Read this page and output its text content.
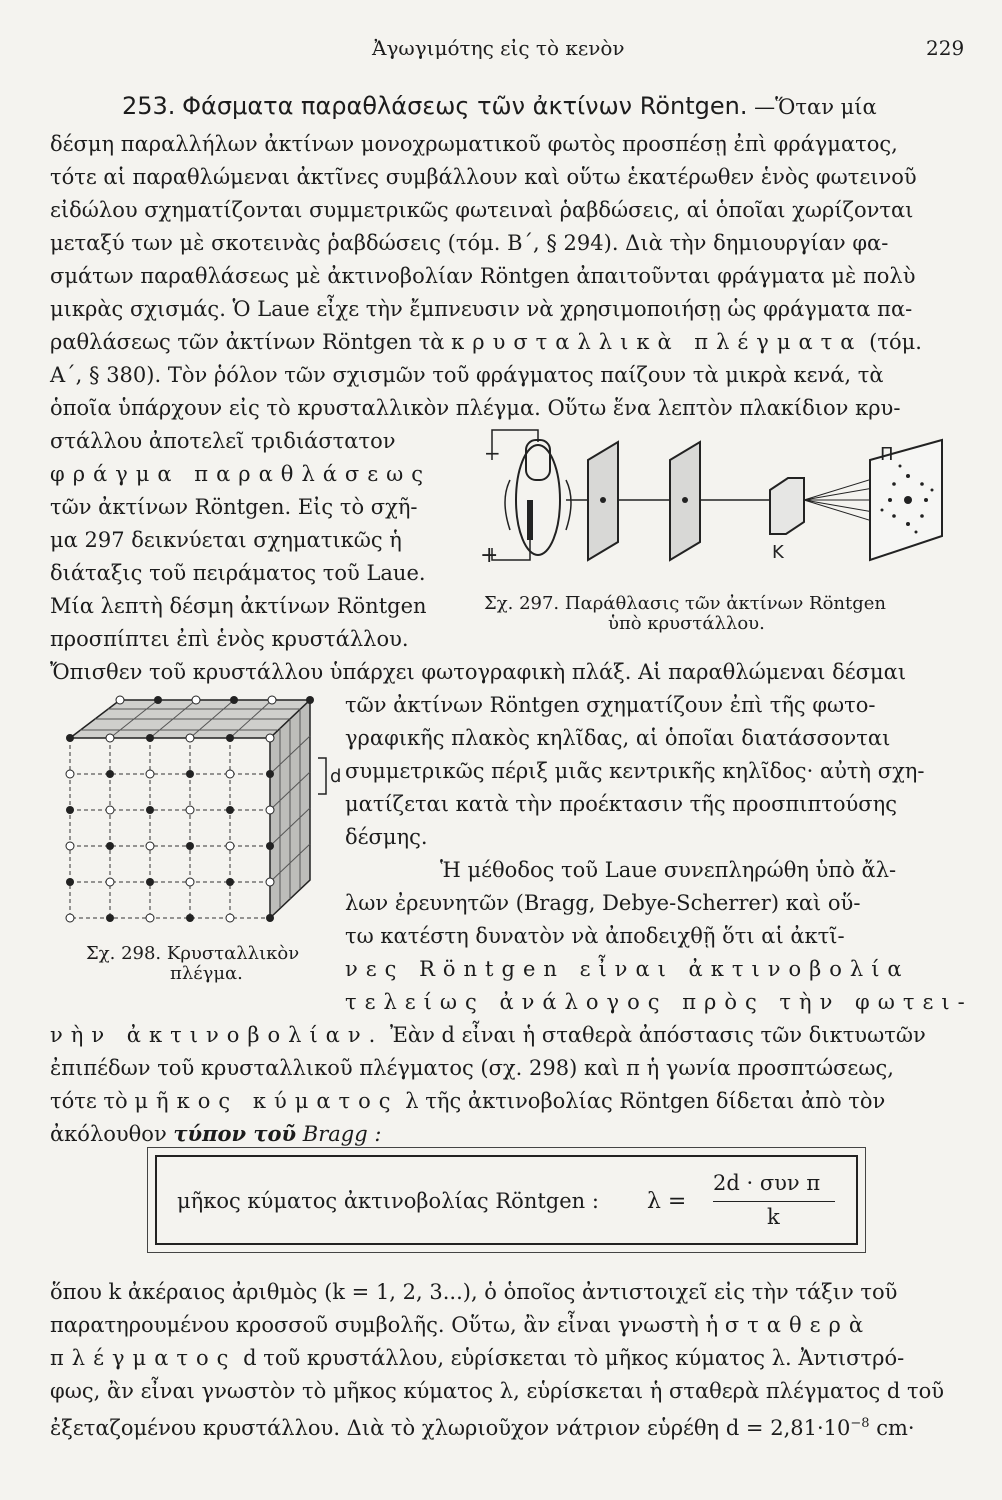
Ἀγωγιμότης εἰς τὸ κενὸν	229
253. Φάσματα παραθλάσεως τῶν ἀκτίνων Röntgen. —Ὅταν μία
δέσμη παραλλήλων ἀκτίνων μονοχρωματικοῦ φωτὸς προσπέσῃ ἐπὶ φράγματος,
τότε αἱ παραθλώμεναι ἀκτῖνες συμβάλλουν καὶ οὕτω ἑκατέρωθεν ἑνὸς φωτεινοῦ
εἰδώλου σχηματίζονται συμμετρικῶς φωτειναὶ ῥαβδώσεις, αἱ ὁποῖαι χωρίζονται
μεταξύ των μὲ σκοτεινὰς ῥαβδώσεις (τόμ. Β΄, § 294). Διὰ τὴν δημιουργίαν φα-
σμάτων παραθλάσεως μὲ ἀκτινοβολίαν Röntgen ἀπαιτοῦνται φράγματα μὲ πολὺ
μικρὰς σχισμάς. Ὁ Laue εἶχε τὴν ἔμπνευσιν νὰ χρησιμοποιήσῃ ὡς φράγματα πα-
ραθλάσεως τῶν ἀκτίνων Röntgen τὰ κρυσταλλικὰ πλέγματα (τόμ.
Α΄, § 380). Τὸν ῥόλον τῶν σχισμῶν τοῦ φράγματος παίζουν τὰ μικρὰ κενά, τὰ
ὁποῖα ὑπάρχουν εἰς τὸ κρυσταλλικὸν πλέγμα. Οὕτω ἕνα λεπτὸν πλακίδιον κρυ-
στάλλου ἀποτελεῖ τριδιάστατον
φράγμα παραθλάσεως
τῶν ἀκτίνων Röntgen. Εἰς τὸ σχῆ-
μα 297 δεικνύεται σχηματικῶς ἡ
διάταξις τοῦ πειράματος τοῦ Laue.
Μία λεπτὴ δέσμη ἀκτίνων Röntgen
προσπίπτει ἐπὶ ἑνὸς κρυστάλλου.
−
+	K
Π
Σχ. 297. Παράθλασις τῶν ἀκτίνων Röntgen
ὑπὸ κρυστάλλου.
Ὄπισθεν τοῦ κρυστάλλου ὑπάρχει φωτογραφικὴ πλάξ. Αἱ παραθλώμεναι δέσμαι
τῶν ἀκτίνων Röntgen σχηματίζουν ἐπὶ τῆς φωτο-
γραφικῆς πλακὸς κηλῖδας, αἱ ὁποῖαι διατάσσονται
συμμετρικῶς πέριξ μιᾶς κεντρικῆς κηλῖδος· αὐτὴ σχη-
ματίζεται κατὰ τὴν προέκτασιν τῆς προσπιπτούσης
δέσμης.
Ἡ μέθοδος τοῦ Laue συνεπληρώθη ὑπὸ ἄλ-
λων ἐρευνητῶν (Bragg, Debye-Scherrer) καὶ οὕ-
τω κατέστη δυνατὸν νὰ ἀποδειχθῇ ὅτι αἱ ἀκτῖ-
νες Röntgen εἶναι ἀκτινοβολία
τελείως ἀνάλογος πρὸς τὴν φωτει-
d
Σχ. 298. Κρυσταλλικὸν
πλέγμα.
νὴν ἀκτινοβολίαν. Ἐὰν d εἶναι ἡ σταθερὰ ἀπόστασις τῶν δικτυωτῶν
ἐπιπέδων τοῦ κρυσταλλικοῦ πλέγματος (σχ. 298) καὶ π ἡ γωνία προσπτώσεως,
τότε τὸ μῆκος κύματος λ τῆς ἀκτινοβολίας Röntgen δίδεται ἀπὸ τὸν
ἀκόλουθον τύπον τοῦ Bragg :
μῆκος κύματος ἀκτινοβολίας Röntgen : λ =
2d · συν π
k
ὅπου k ἀκέραιος ἀριθμὸς (k = 1, 2, 3...), ὁ ὁποῖος ἀντιστοιχεῖ εἰς τὴν τάξιν τοῦ
παρατηρουμένου κροσσοῦ συμβολῆς. Οὕτω, ἂν εἶναι γνωστὴ ἡ σταθερὰ
πλέγματος d τοῦ κρυστάλλου, εὑρίσκεται τὸ μῆκος κύματος λ. Ἀντιστρό-
φως, ἂν εἶναι γνωστὸν τὸ μῆκος κύματος λ, εὑρίσκεται ἡ σταθερὰ πλέγματος d τοῦ
ἐξεταζομένου κρυστάλλου. Διὰ τὸ χλωριοῦχον νάτριον εὑρέθη $d = 2,81\cdot 10^{-8}$ cm·
